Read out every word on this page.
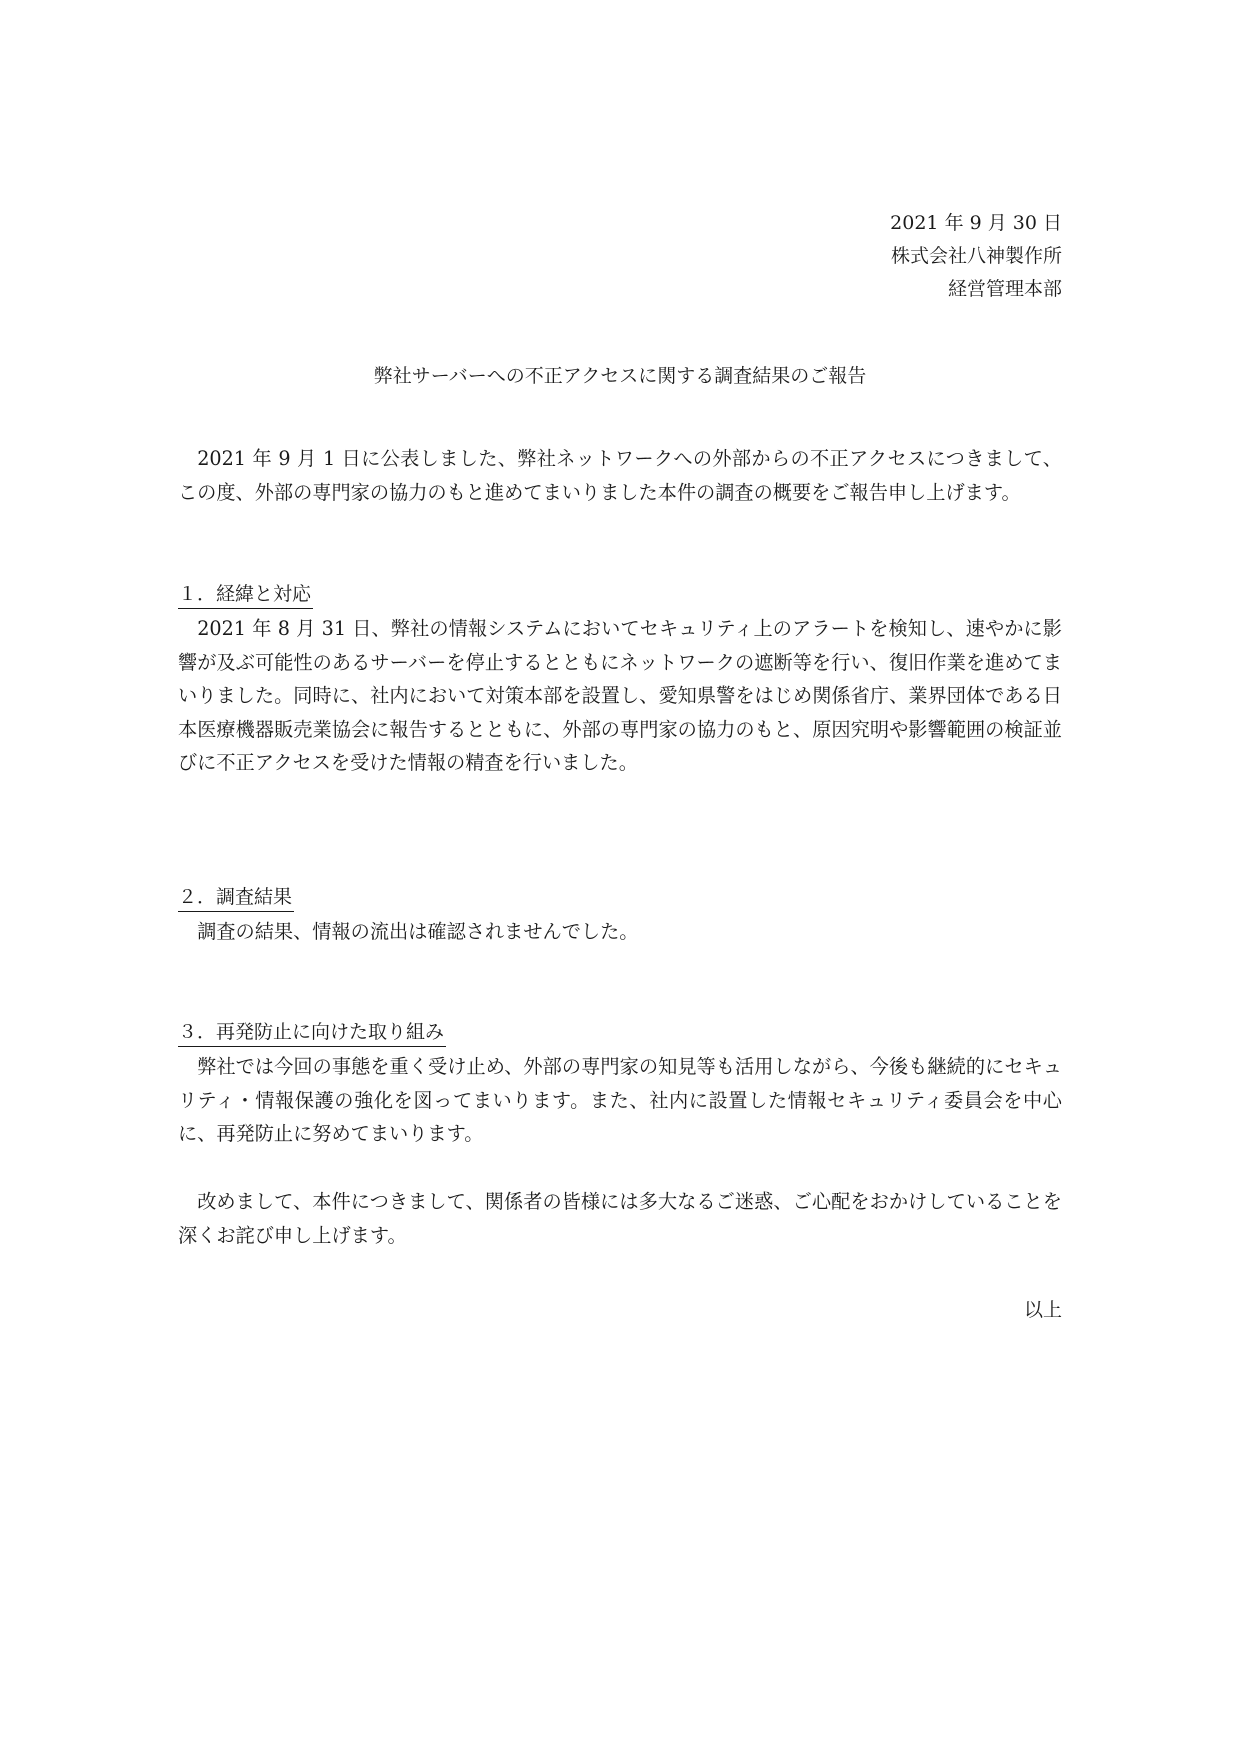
2021 年 9 月 30 日
株式会社八神製作所
経営管理本部
弊社サーバーへの不正アクセスに関する調査結果のご報告

2021 年 9 月 1 日に公表しました、弊社ネットワークへの外部からの不正アクセスにつきまして、この度、外部の専門家の協力のもと進めてまいりました本件の調査の概要をご報告申し上げます。

１．経緯と対応

2021 年 8 月 31 日、弊社の情報システムにおいてセキュリティ上のアラートを検知し、速やかに影響が及ぶ可能性のあるサーバーを停止するとともにネットワークの遮断等を行い、復旧作業を進めてまいりました。同時に、社内において対策本部を設置し、愛知県警をはじめ関係省庁、業界団体である日本医療機器販売業協会に報告するとともに、外部の専門家の協力のもと、原因究明や影響範囲の検証並びに不正アクセスを受けた情報の精査を行いました。

２．調査結果

調査の結果、情報の流出は確認されませんでした。

３．再発防止に向けた取り組み

弊社では今回の事態を重く受け止め、外部の専門家の知見等も活用しながら、今後も継続的にセキュリティ・情報保護の強化を図ってまいります。また、社内に設置した情報セキュリティ委員会を中心に、再発防止に努めてまいります。

改めまして、本件につきまして、関係者の皆様には多大なるご迷惑、ご心配をおかけしていることを深くお詫び申し上げます。

以上
